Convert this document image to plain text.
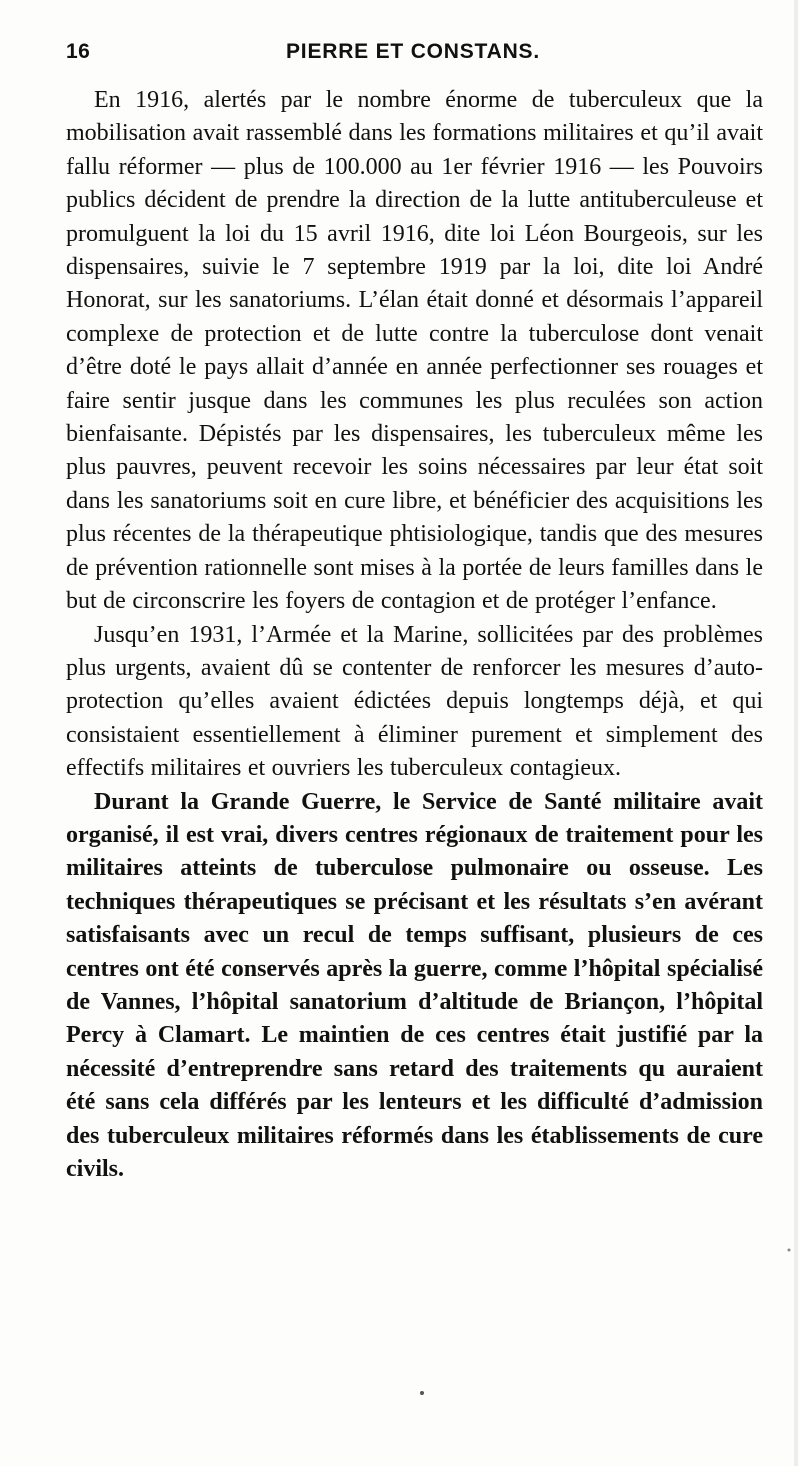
16	PIERRE ET CONSTANS.

En 1916, alertés par le nombre énorme de tuberculeux que la mobilisation avait rassemblé dans les formations militaires et qu’il avait fallu réformer — plus de 100.000 au 1er février 1916 — les Pouvoirs publics décident de prendre la direction de la lutte antituberculeuse et promulguent la loi du 15 avril 1916, dite loi Léon Bourgeois, sur les dispensaires, suivie le 7 septembre 1919 par la loi, dite loi André Honorat, sur les sanatoriums. L’élan était donné et désormais l’appareil complexe de protection et de lutte contre la tuberculose dont venait d’être doté le pays allait d’année en année perfectionner ses rouages et faire sentir jusque dans les communes les plus reculées son action bienfaisante. Dépistés par les dispensaires, les tuberculeux même les plus pauvres, peuvent recevoir les soins nécessaires par leur état soit dans les sanatoriums soit en cure libre, et bénéficier des acquisitions les plus récentes de la thérapeutique phtisiologique, tandis que des mesures de prévention rationnelle sont mises à la portée de leurs familles dans le but de circonscrire les foyers de contagion et de protéger l’enfance.

Jusqu’en 1931, l’Armée et la Marine, sollicitées par des problèmes plus urgents, avaient dû se contenter de renforcer les mesures d’auto-protection qu’elles avaient édictées depuis longtemps déjà, et qui consistaient essentiellement à éliminer purement et simplement des effectifs militaires et ouvriers les tuberculeux contagieux.

Durant la Grande Guerre, le Service de Santé militaire avait organisé, il est vrai, divers centres régionaux de traitement pour les militaires atteints de tuberculose pulmonaire ou osseuse. Les techniques thérapeutiques se précisant et les résultats s’en avérant satisfaisants avec un recul de temps suffisant, plusieurs de ces centres ont été conservés après la guerre, comme l’hôpital spécialisé de Vannes, l’hôpital sanatorium d’altitude de Briançon, l’hôpital Percy à Clamart. Le maintien de ces centres était justifié par la nécessité d’entreprendre sans retard des traitements qu auraient été sans cela différés par les lenteurs et les difficulté d’admission des tuberculeux militaires réformés dans les établissements de cure civils.
